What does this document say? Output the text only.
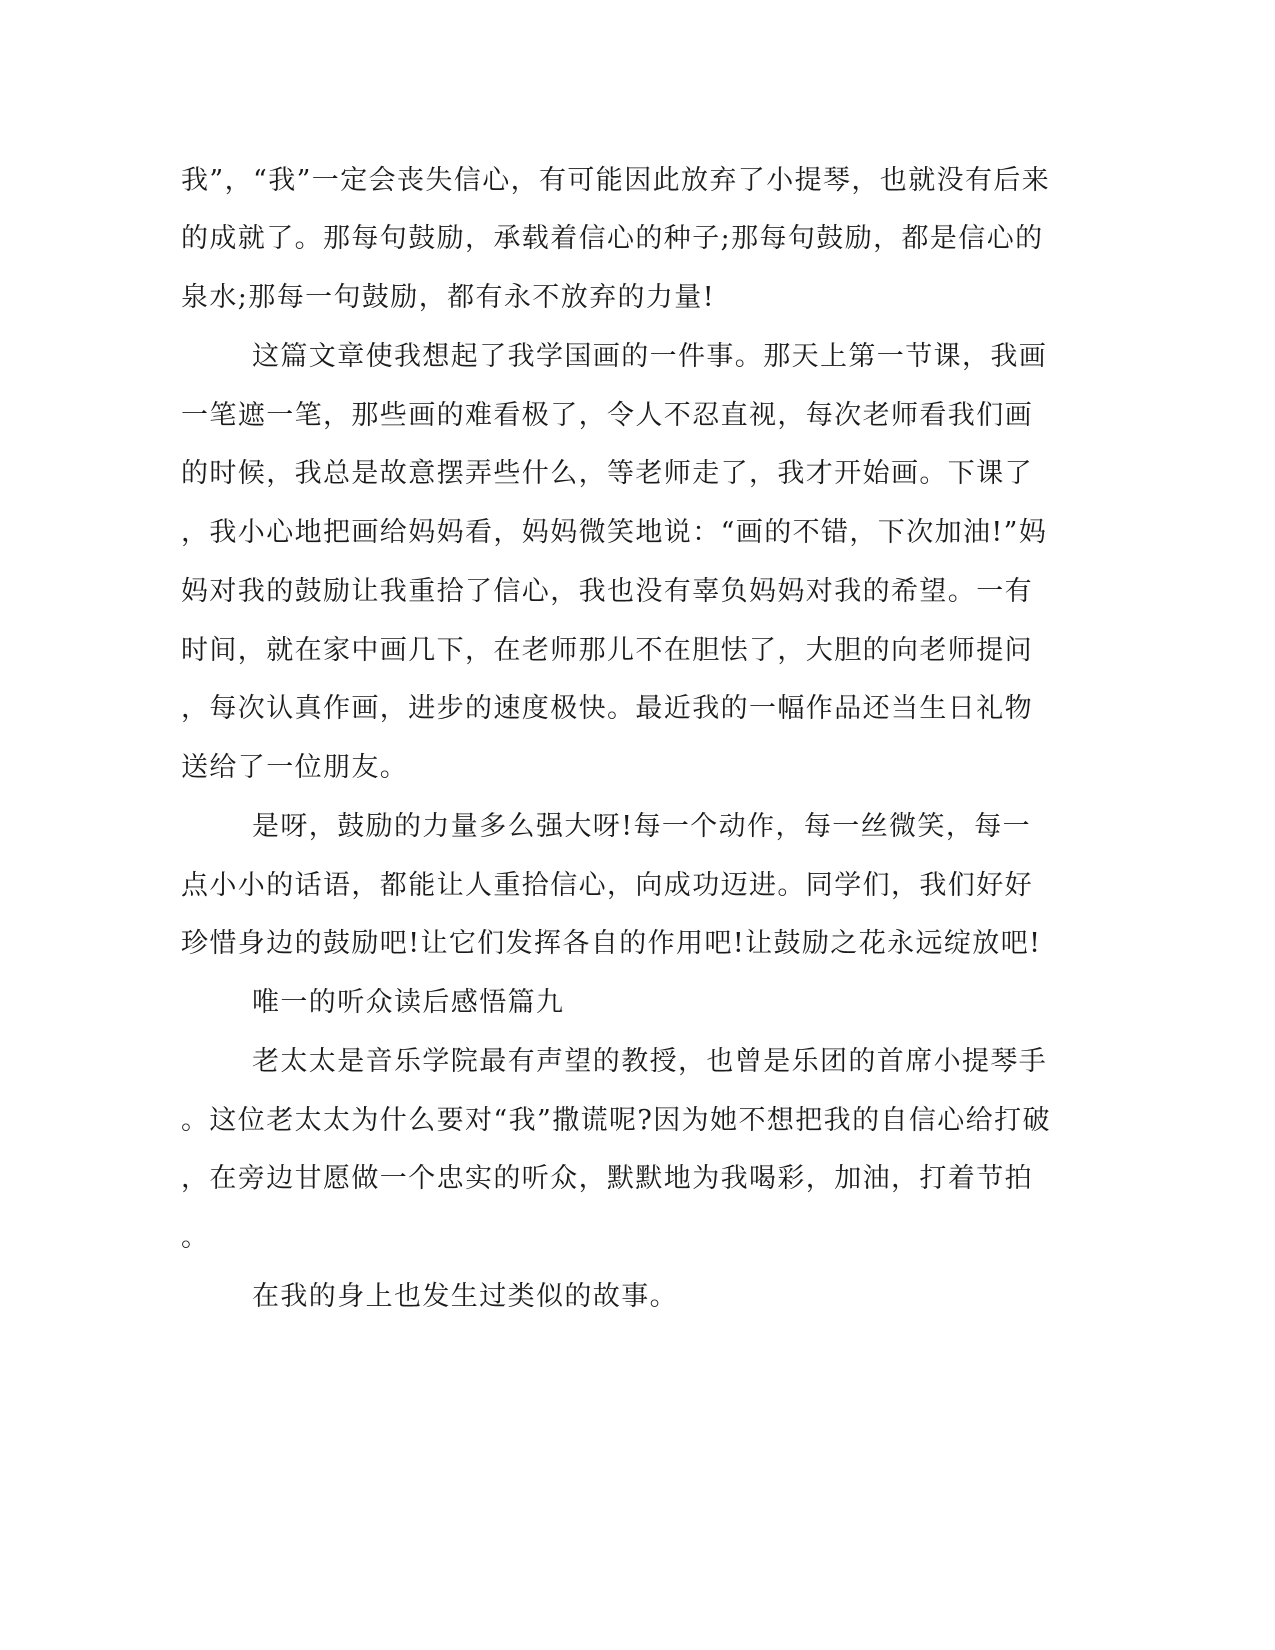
我”，“我”一定会丧失信心，有可能因此放弃了小提琴，也就没有后来
的成就了。那每句鼓励，承载着信心的种子;那每句鼓励，都是信心的
泉水;那每一句鼓励，都有永不放弃的力量!
这篇文章使我想起了我学国画的一件事。那天上第一节课，我画
一笔遮一笔，那些画的难看极了，令人不忍直视，每次老师看我们画
的时候，我总是故意摆弄些什么，等老师走了，我才开始画。下课了
，我小心地把画给妈妈看，妈妈微笑地说：“画的不错，下次加油!”妈
妈对我的鼓励让我重拾了信心，我也没有辜负妈妈对我的希望。一有
时间，就在家中画几下，在老师那儿不在胆怯了，大胆的向老师提问
，每次认真作画，进步的速度极快。最近我的一幅作品还当生日礼物
送给了一位朋友。
是呀，鼓励的力量多么强大呀!每一个动作，每一丝微笑，每一
点小小的话语，都能让人重拾信心，向成功迈进。同学们，我们好好
珍惜身边的鼓励吧!让它们发挥各自的作用吧!让鼓励之花永远绽放吧!
唯一的听众读后感悟篇九
老太太是音乐学院最有声望的教授，也曾是乐团的首席小提琴手
。这位老太太为什么要对“我”撒谎呢?因为她不想把我的自信心给打破
，在旁边甘愿做一个忠实的听众，默默地为我喝彩，加油，打着节拍
。
在我的身上也发生过类似的故事。
